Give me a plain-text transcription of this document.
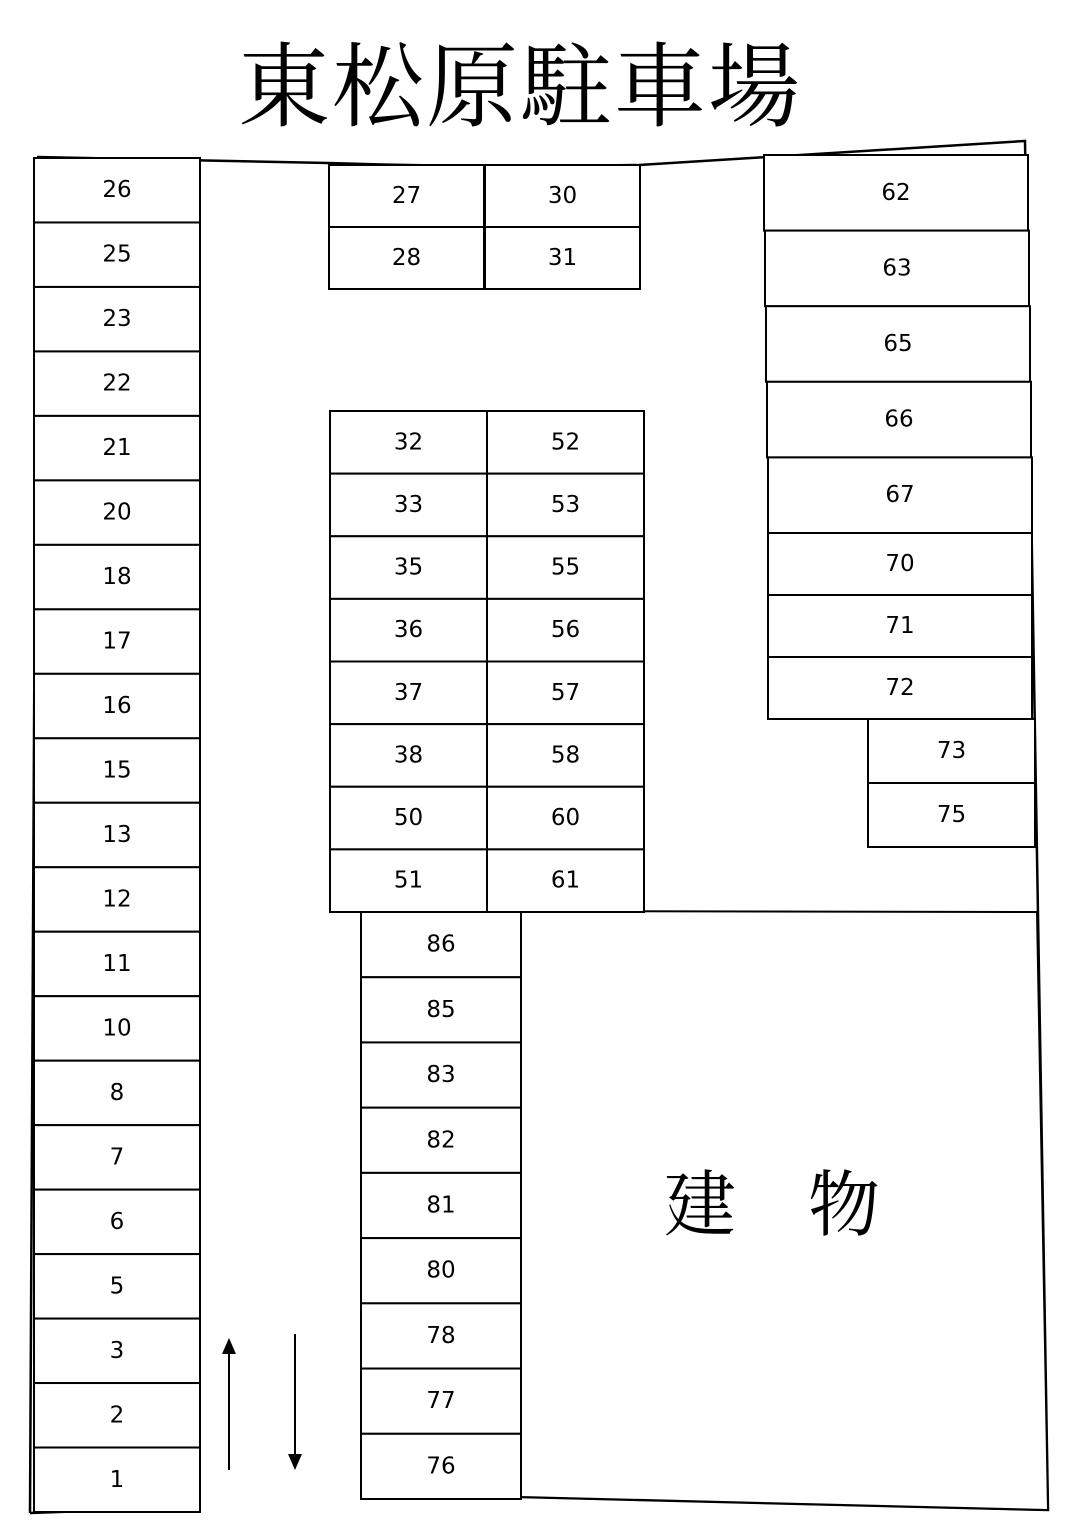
東松原駐車場
建　物
26
25
23
22
21
20
18
17
16
15
13
12
11
10
8
7
6
5
3
2
1
27	30
28	31
32	52
33	53
35	55
36	56
37	57
38	58
50	60
51	61
86
85
83
82
81
80
78
77
76
62
63
65
66
67
70
71
72
73
75
